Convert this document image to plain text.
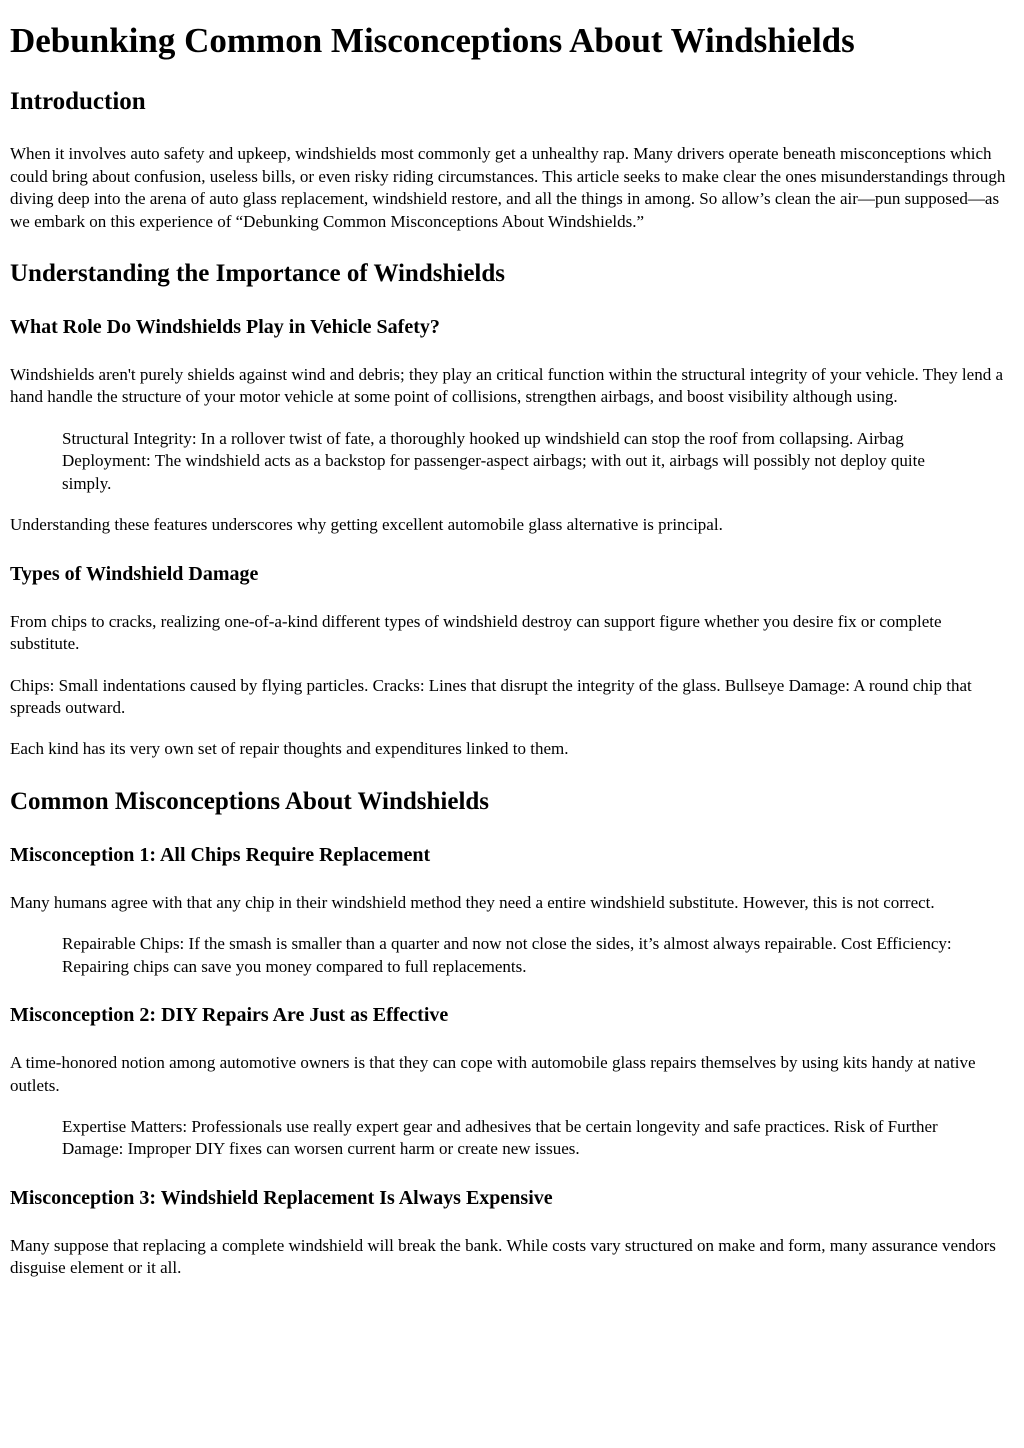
Debunking Common Misconceptions About Windshields
Introduction

When it involves auto safety and upkeep, windshields most commonly get a unhealthy rap. Many drivers operate beneath misconceptions which could bring about confusion, useless bills, or even risky riding circumstances. This article seeks to make clear the ones misunderstandings through diving deep into the arena of auto glass replacement, windshield restore, and all the things in among. So allow’s clean the air—pun supposed—as we embark on this experience of “Debunking Common Misconceptions About Windshields.”

Understanding the Importance of Windshields
What Role Do Windshields Play in Vehicle Safety?

Windshields aren't purely shields against wind and debris; they play an critical function within the structural integrity of your vehicle. They lend a hand handle the structure of your motor vehicle at some point of collisions, strengthen airbags, and boost visibility although using.

Structural Integrity: In a rollover twist of fate, a thoroughly hooked up windshield can stop the roof from collapsing. Airbag Deployment: The windshield acts as a backstop for passenger-aspect airbags; with out it, airbags will possibly not deploy quite simply.

Understanding these features underscores why getting excellent automobile glass alternative is principal.

Types of Windshield Damage

From chips to cracks, realizing one-of-a-kind different types of windshield destroy can support figure whether you desire fix or complete substitute.

Chips: Small indentations caused by flying particles. Cracks: Lines that disrupt the integrity of the glass. Bullseye Damage: A round chip that spreads outward.

Each kind has its very own set of repair thoughts and expenditures linked to them.

Common Misconceptions About Windshields
Misconception 1: All Chips Require Replacement

Many humans agree with that any chip in their windshield method they need a entire windshield substitute. However, this is not correct.

Repairable Chips: If the smash is smaller than a quarter and now not close the sides, it’s almost always repairable. Cost Efficiency: Repairing chips can save you money compared to full replacements.
Misconception 2: DIY Repairs Are Just as Effective

A time-honored notion among automotive owners is that they can cope with automobile glass repairs themselves by using kits handy at native outlets.

Expertise Matters: Professionals use really expert gear and adhesives that be certain longevity and safe practices. Risk of Further Damage: Improper DIY fixes can worsen current harm or create new issues.
Misconception 3: Windshield Replacement Is Always Expensive

Many suppose that replacing a complete windshield will break the bank. While costs vary structured on make and form, many assurance vendors disguise element or it all.
